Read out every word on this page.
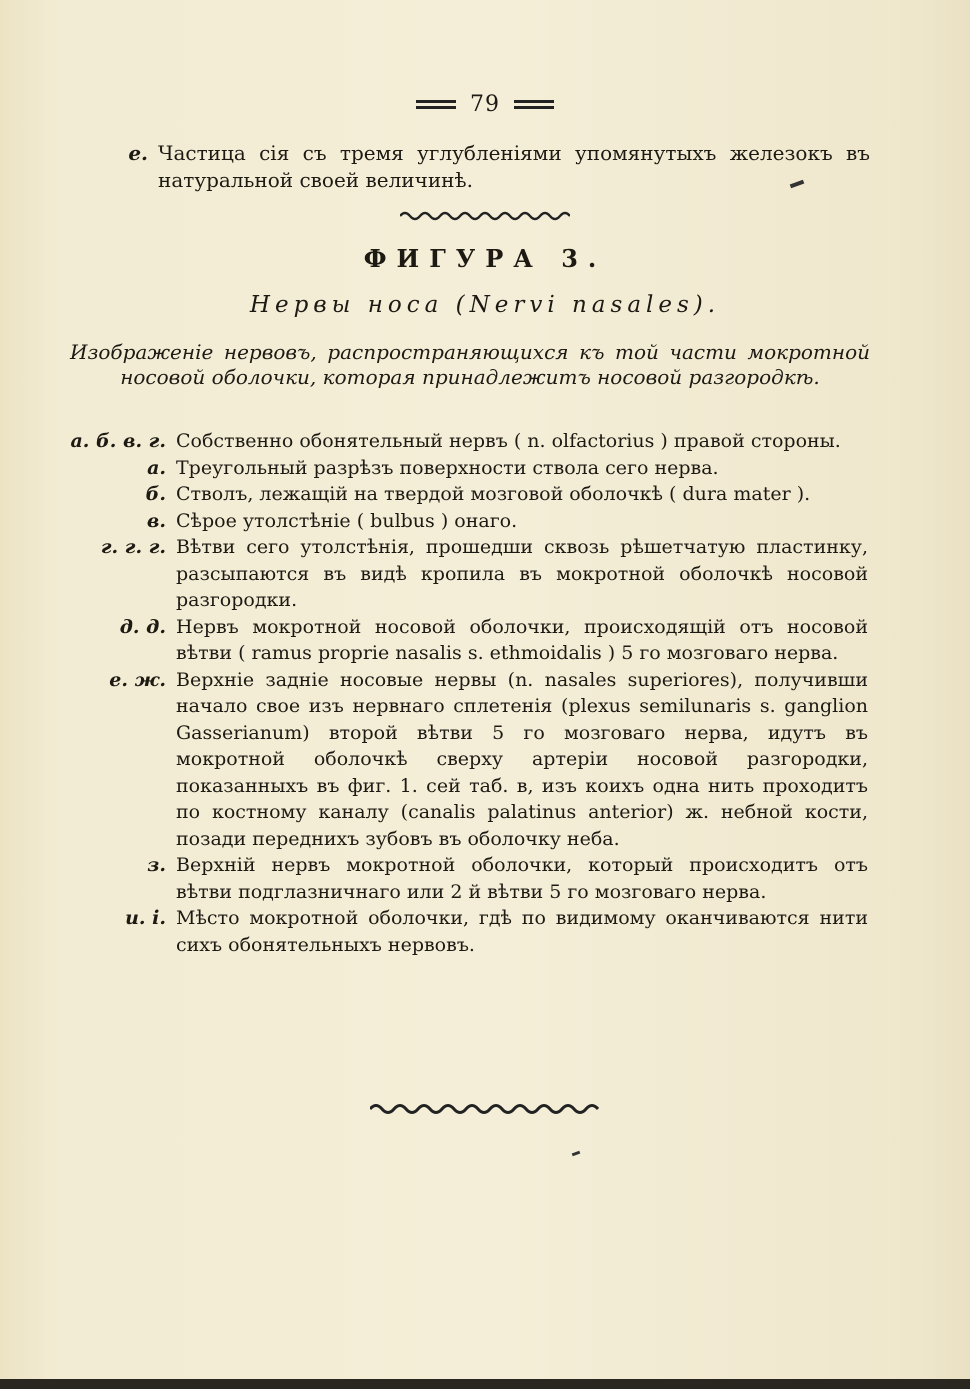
79
е. Частица сія съ тремя углубленіями упомянутыхъ железокъ въ натуральной своей величинѣ.
ФИГУРА 3.
Нервы носа (Nervi nasales).
Изображеніе нервовъ, распространяющихся къ той части мокротной носовой оболочки, которая принадлежитъ носовой разгородкѣ.
а. б. в. г. Собственно обонятельный нервъ ( n. olfactorius ) правой стороны.
а. Треугольный разрѣзъ поверхности ствола сего нерва.
б. Стволъ, лежащій на твердой мозговой оболочкѣ ( dura mater ).
в. Сѣрое утолстѣніе ( bulbus ) онаго.
г. г. г. Вѣтви сего утолстѣнія, прошедши сквозь рѣшетчатую пластинку, разсыпаются въ видѣ кропила въ мокротной оболочкѣ носовой разгородки.
д. д. Нервъ мокротной носовой оболочки, происходящій отъ носовой вѣтви ( ramus proprie nasalis s. ethmoidalis ) 5 го мозговаго нерва.
е. ж. Верхніе задніе носовые нервы (n. nasales superiores), получивши начало свое изъ нервнаго сплетенія (plexus semilunaris s. ganglion Gasserianum) второй вѣтви 5 го мозговаго нерва, идутъ въ мокротной оболочкѣ сверху артеріи носовой разгородки, показанныхъ въ фиг. 1. сей таб. в, изъ коихъ одна нить проходитъ по костному каналу (canalis palatinus anterior) ж. небной кости, позади переднихъ зубовъ въ оболочку неба.
з. Верхній нервъ мокротной оболочки, который происходитъ отъ вѣтви подглазничнаго или 2 й вѣтви 5 го мозговаго нерва.
и. і. Мѣсто мокротной оболочки, гдѣ по видимому оканчиваются нити сихъ обонятельныхъ нервовъ.
